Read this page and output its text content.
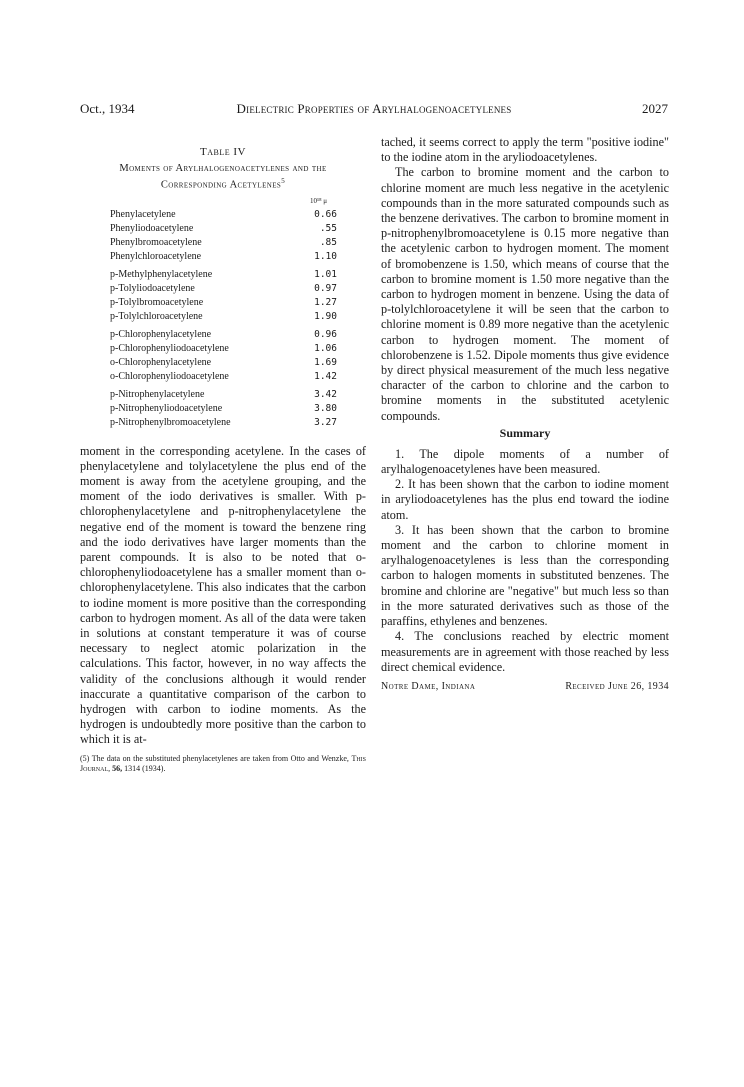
Oct., 1934	Dielectric Properties of Arylhalogenoacetylenes	2027
Table IV
Moments of Arylhalogenoacetylenes and the
Corresponding Acetylenes$^5$
10¹⁸ μ
Phenylacetylene	0.66
Phenyliodoacetylene	.55
Phenylbromoacetylene	.85
Phenylchloroacetylene	1.10
p-Methylphenylacetylene	1.01
p-Tolyliodoacetylene	0.97
p-Tolylbromoacetylene	1.27
p-Tolylchloroacetylene	1.90
p-Chlorophenylacetylene	0.96
p-Chlorophenyliodoacetylene	1.06
o-Chlorophenylacetylene	1.69
o-Chlorophenyliodoacetylene	1.42
p-Nitrophenylacetylene	3.42
p-Nitrophenyliodoacetylene	3.80
p-Nitrophenylbromoacetylene	3.27

moment in the corresponding acetylene. In the cases of phenylacetylene and tolylacetylene the plus end of the moment is away from the acetylene grouping, and the moment of the iodo derivatives is smaller. With p-chlorophenylacetylene and p-nitrophenylacetylene the negative end of the moment is toward the benzene ring and the iodo derivatives have larger moments than the parent compounds. It is also to be noted that o-chlorophenyliodoacetylene has a smaller moment than o-chlorophenylacetylene. This also indicates that the carbon to iodine moment is more positive than the corresponding carbon to hydrogen moment. As all of the data were taken in solutions at constant temperature it was of course necessary to neglect atomic polarization in the calculations. This factor, however, in no way affects the validity of the conclusions although it would render inaccurate a quantitative comparison of the carbon to hydrogen with carbon to iodine moments. As the hydrogen is undoubtedly more positive than the carbon to which it is at-

(5) The data on the substituted phenylacetylenes are taken from Otto and Wenzke, This Journal, 56, 1314 (1934).

tached, it seems correct to apply the term "positive iodine" to the iodine atom in the aryliodoacetylenes.

The carbon to bromine moment and the carbon to chlorine moment are much less negative in the acetylenic compounds than in the more saturated compounds such as the benzene derivatives. The carbon to bromine moment in p-nitrophenylbromoacetylene is 0.15 more negative than the acetylenic carbon to hydrogen moment. The moment of bromobenzene is 1.50, which means of course that the carbon to bromine moment is 1.50 more negative than the carbon to hydrogen moment in benzene. Using the data of p-tolylchloroacetylene it will be seen that the carbon to chlorine moment is 0.89 more negative than the acetylenic carbon to hydrogen moment. The moment of chlorobenzene is 1.52. Dipole moments thus give evidence by direct physical measurement of the much less negative character of the carbon to chlorine and the carbon to bromine moments in the substituted acetylenic compounds.

Summary

1. The dipole moments of a number of arylhalogenoacetylenes have been measured.

2. It has been shown that the carbon to iodine moment in aryliodoacetylenes has the plus end toward the iodine atom.

3. It has been shown that the carbon to bromine moment and the carbon to chlorine moment in arylhalogenoacetylenes is less than the corresponding carbon to halogen moments in substituted benzenes. The bromine and chlorine are "negative" but much less so than in the more saturated derivatives such as those of the paraffins, ethylenes and benzenes.

4. The conclusions reached by electric moment measurements are in agreement with those reached by less direct chemical evidence.

Notre Dame, Indiana	Received June 26, 1934
